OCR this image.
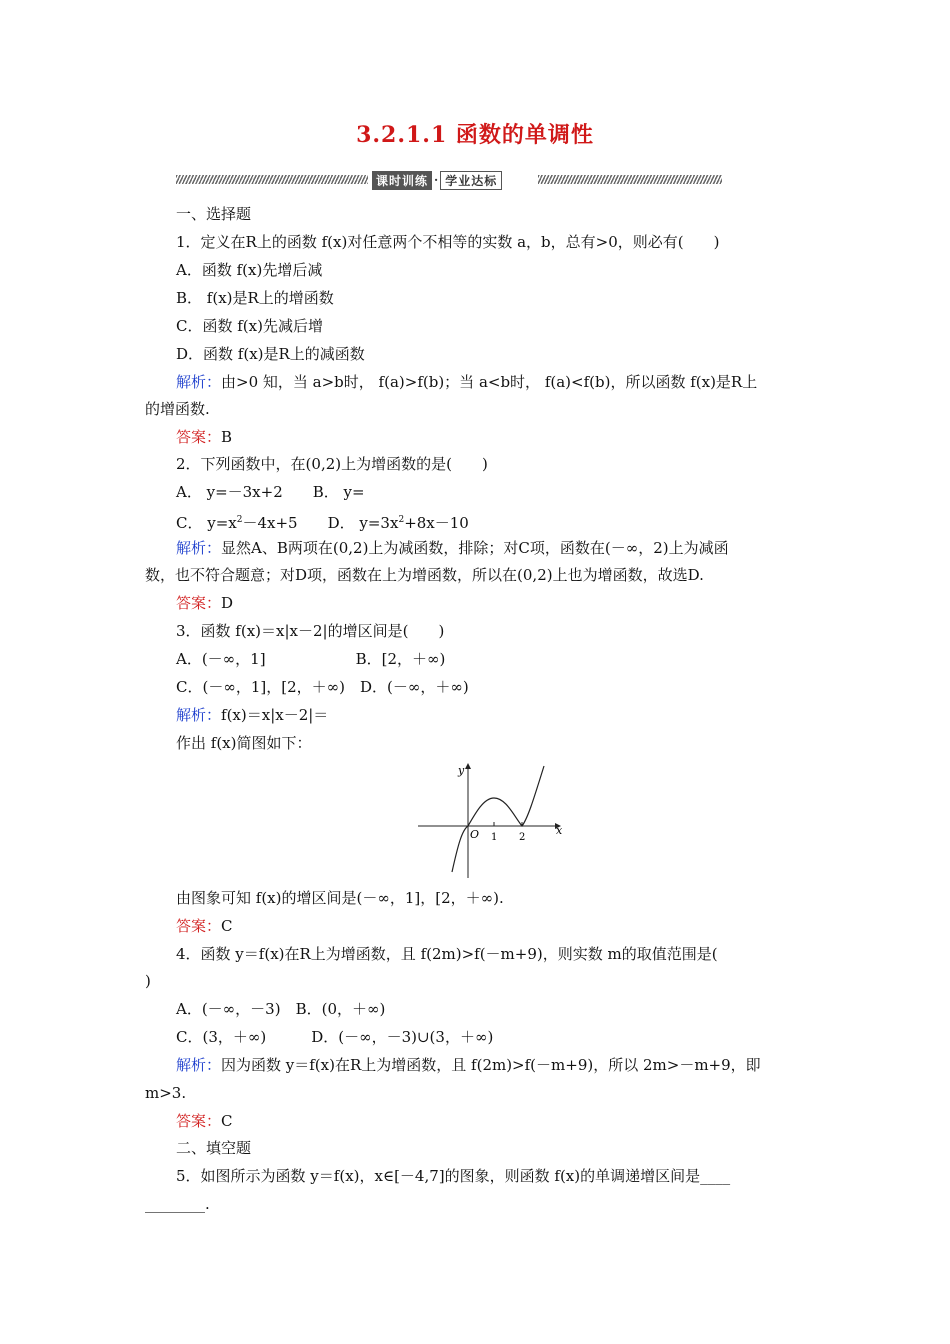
3.2.1.1 函数的单调性
课时训练 · 学业达标
一、选择题
1．定义在R上的函数 f(x)对任意两个不相等的实数 a，b，总有>0，则必有(　　)
A．函数 f(x)先增后减
B． f(x)是R上的增函数
C．函数 f(x)先减后增
D．函数 f(x)是R上的减函数
解析：由>0 知，当 a>b时， f(a)>f(b)；当 a<b时， f(a)<f(b)，所以函数 f(x)是R上
的增函数.
答案：B
2．下列函数中，在(0,2)上为增函数的是(　　)
A． y=－3x+2　　B． y=
C． $y=x^2-4x+5$　　D． $y=3x^2+8x-10$
解析：显然A、B两项在(0,2)上为减函数，排除；对C项，函数在(－∞，2)上为减函
数，也不符合题意；对D项，函数在上为增函数，所以在(0,2)上也为增函数，故选D.
答案：D
3．函数 f(x)＝x|x－2|的增区间是(　　)
A．(－∞，1]　　　　　　B．[2，＋∞)
C．(－∞，1]，[2，＋∞)　D．(－∞，＋∞)
解析：f(x)＝x|x－2|＝
作出 f(x)简图如下：
y
x
O 1 2
由图象可知 f(x)的增区间是(－∞，1]，[2，＋∞).
答案：C
4．函数 y＝f(x)在R上为增函数，且 f(2m)>f(－m+9)，则实数 m的取值范围是(
)
A．(－∞，－3)　B．(0，＋∞)
C．(3，＋∞)　　　D．(－∞，－3)∪(3，＋∞)
解析：因为函数 y＝f(x)在R上为增函数，且 f(2m)>f(－m+9)，所以 2m>－m+9，即
m>3.
答案：C
二、填空题
5．如图所示为函数 y＝f(x)，x∈[－4,7]的图象，则函数 f(x)的单调递增区间是____
________.
